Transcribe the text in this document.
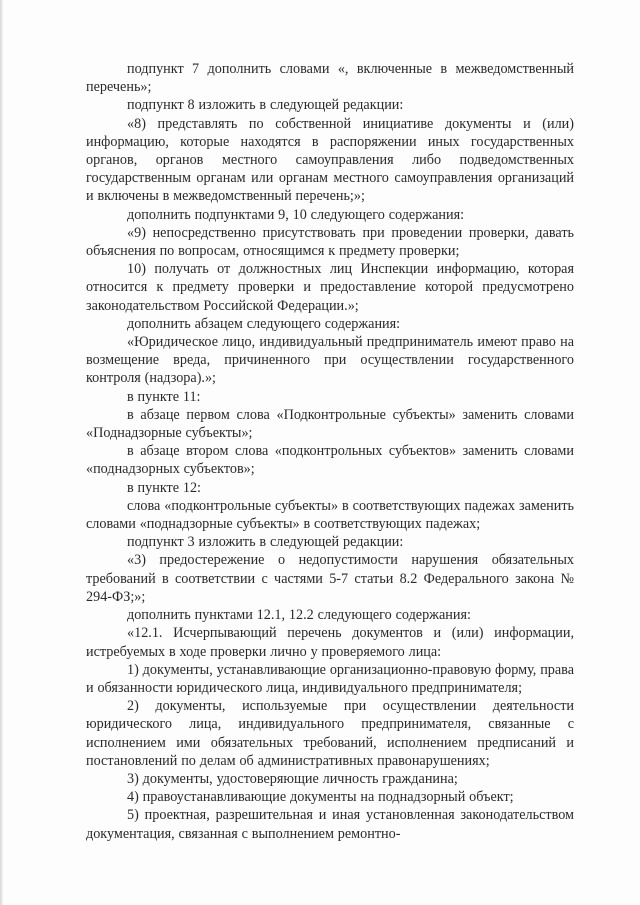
подпункт 7 дополнить словами «, включенные в межведомственный перечень»;

подпункт 8 изложить в следующей редакции:

«8) представлять по собственной инициативе документы и (или) информацию, которые находятся в распоряжении иных государственных органов, органов местного самоуправления либо подведомственных государственным органам или органам местного самоуправления организаций и включены в межведомственный перечень;»;

дополнить подпунктами 9, 10 следующего содержания:

«9) непосредственно присутствовать при проведении проверки, давать объяснения по вопросам, относящимся к предмету проверки;

10) получать от должностных лиц Инспекции информацию, которая относится к предмету проверки и предоставление которой предусмотрено законодательством Российской Федерации.»;

дополнить абзацем следующего содержания:

«Юридическое лицо, индивидуальный предприниматель имеют право на возмещение вреда, причиненного при осуществлении государственного контроля (надзора).»;

в пункте 11:

в абзаце первом слова «Подконтрольные субъекты» заменить словами «Поднадзорные субъекты»;

в абзаце втором слова «подконтрольных субъектов» заменить словами «поднадзорных субъектов»;

в пункте 12:

слова «подконтрольные субъекты» в соответствующих падежах заменить словами «поднадзорные субъекты» в соответствующих падежах;

подпункт 3 изложить в следующей редакции:

«3) предостережение о недопустимости нарушения обязательных требований в соответствии с частями 5-7 статьи 8.2 Федерального закона № 294-ФЗ;»;

дополнить пунктами 12.1, 12.2 следующего содержания:

«12.1. Исчерпывающий перечень документов и (или) информации, истребуемых в ходе проверки лично у проверяемого лица:

1) документы, устанавливающие организационно-правовую форму, права и обязанности юридического лица, индивидуального предпринимателя;

2) документы, используемые при осуществлении деятельности юридического лица, индивидуального предпринимателя, связанные с исполнением ими обязательных требований, исполнением предписаний и постановлений по делам об административных правонарушениях;

3) документы, удостоверяющие личность гражданина;

4) правоустанавливающие документы на поднадзорный объект;

5) проектная, разрешительная и иная установленная законодательством документация, связанная с выполнением ремонтно-
